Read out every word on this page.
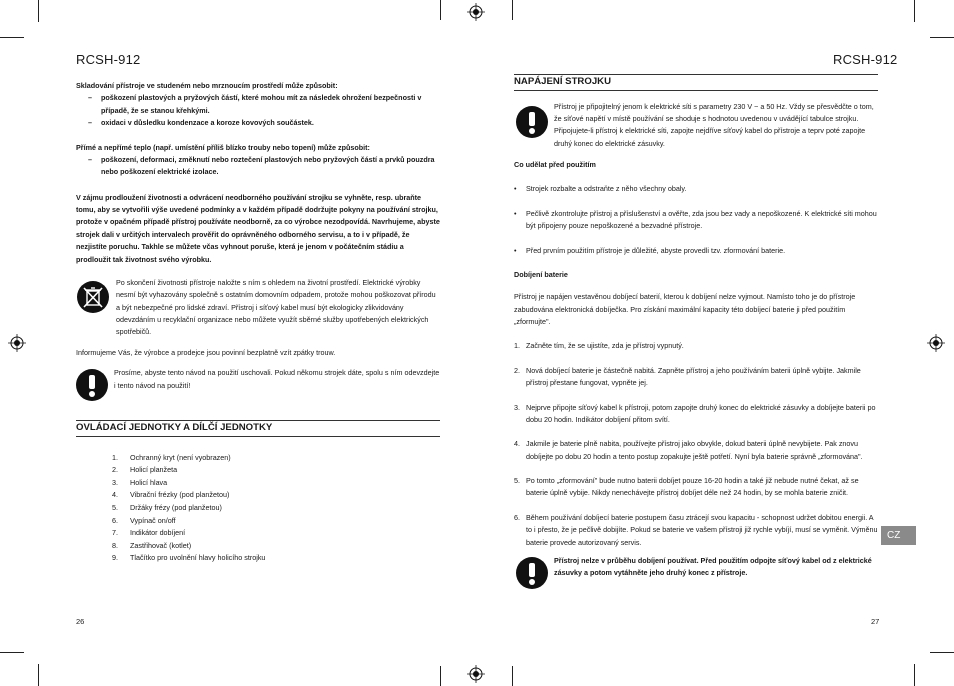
RCSH-912	RCSH-912

Skladování přístroje ve studeném nebo mrznoucím prostředí může způsobit:

– poškození plastových a pryžových částí, které mohou mít za následek ohrožení bezpečnosti v případě, že se stanou křehkými.
– oxidaci v důsledku kondenzace a koroze kovových součástek.

Přímé a nepřímé teplo (např. umístění příliš blízko trouby nebo topení) může způsobit:

– poškození, deformaci, změknutí nebo roztečení plastových nebo pryžových částí a prvků pouzdra nebo poškození elektrické izolace.

V zájmu prodloužení životnosti a odvrácení neodborného používání strojku se vyhněte, resp. ubraňte tomu, aby se vytvořili výše uvedené podmínky a v každém případě dodržujte pokyny na používání strojku, protože v opačném případě přístroj používáte neodborně, za co výrobce nezodpovídá. Navrhujeme, abyste strojek dali v určitých intervalech prověřit do oprávněného odborného servisu, a to i v případě, že nezjistíte poruchu. Takhle se můžete včas vyhnout poruše, která je jenom v počátečním stádiu a prodloužit tak životnost svého výrobku.

Po skončení životnosti přístroje naložte s ním s ohledem na životní prostředí. Elektrické výrobky nesmí být vyhazovány společně s ostatním domovním odpadem, protože mohou poškozovat přírodu a být nebezpečné pro lidské zdraví. Přístroj i síťový kabel musí být ekologicky zlikvidovány odevzdáním u recyklační organizace nebo můžete využít sběrné služby upotřebených elektrických spotřebičů.

Informujeme Vás, že výrobce a prodejce jsou povinní bezplatně vzít zpátky trouw.

Prosíme, abyste tento návod na použití uschovali. Pokud někomu strojek dáte, spolu s ním odevzdejte i tento návod na použití!

OVLÁDACÍ JEDNOTKY A DÍLČÍ JEDNOTKY
1. Ochranný kryt (není vyobrazen)
2. Holicí planžeta
3. Holicí hlava
4. Vibrační frézky (pod planžetou)
5. Držáky frézy (pod planžetou)
6. Vypínač on/off
7. Indikátor dobíjení
8. Zastřihovač (kotlet)
9. Tlačítko pro uvolnění hlavy holicího strojku
26
NAPÁJENÍ STROJKU

Přístroj je připojitelný jenom k elektrické síti s parametry 230 V ~ a 50 Hz. Vždy se přesvědčte o tom, že síťové napětí v místě používání se shoduje s hodnotou uvedenou v uvádějící tabulce strojku. Připojujete-li přístroj k elektrické síti, zapojte nejdříve síťový kabel do přístroje a teprv poté zapojte druhý konec do elektrické zásuvky.

Co udělat před použitím

• Strojek rozbalte a odstraňte z něho všechny obaly.
• Pečlivě zkontrolujte přístroj a příslušenství a ověřte, zda jsou bez vady a nepoškozené. K elektrické síti mohou být připojeny pouze nepoškozené a bezvadné přístroje.
• Před prvním použitím přístroje je důležité, abyste provedli tzv. zformování baterie.

Dobíjení baterie

Přístroj je napájen vestavěnou dobíjecí baterií, kterou k dobíjení nelze vyjmout. Namísto toho je do přístroje zabudována elektronická dobíječka. Pro získání maximální kapacity této dobíjecí baterie ji před použitím „zformujte".

1. Začněte tím, že se ujistíte, zda je přístroj vypnutý.
2. Nová dobíjecí baterie je částečně nabitá. Zapněte přístroj a jeho používáním baterii úplně vybijte. Jakmile přístroj přestane fungovat, vypněte jej.
3. Nejprve připojte síťový kabel k přístroji, potom zapojte druhý konec do elektrické zásuvky a dobíjejte baterii po dobu 20 hodin. Indikátor dobíjení přitom svítí.
4. Jakmile je baterie plně nabita, používejte přístroj jako obvykle, dokud baterii úplně nevybijete. Pak znovu dobíjejte po dobu 20 hodin a tento postup zopakujte ještě potřetí. Nyní byla baterie správně „zformována".
5. Po tomto „zformování" bude nutno baterii dobíjet pouze 16-20 hodin a také již nebude nutné čekat, až se baterie úplně vybije. Nikdy nenechávejte přístroj dobíjet déle než 24 hodin, by se mohla baterie zničit.
6. Během používání dobíjecí baterie postupem času ztrácejí svou kapacitu - schopnost udržet dobitou energii. A to i přesto, že je pečlivě dobijíte. Pokud se baterie ve vašem přístroji již rychle vybíjí, musí se vyměnit. Výměnu baterie provede autorizovaný servis.

Přístroj nelze v průběhu dobíjení používat. Před použitím odpojte síťový kabel od z elektrické zásuvky a potom vytáhněte jeho druhý konec z přístroje.

CZ
27
